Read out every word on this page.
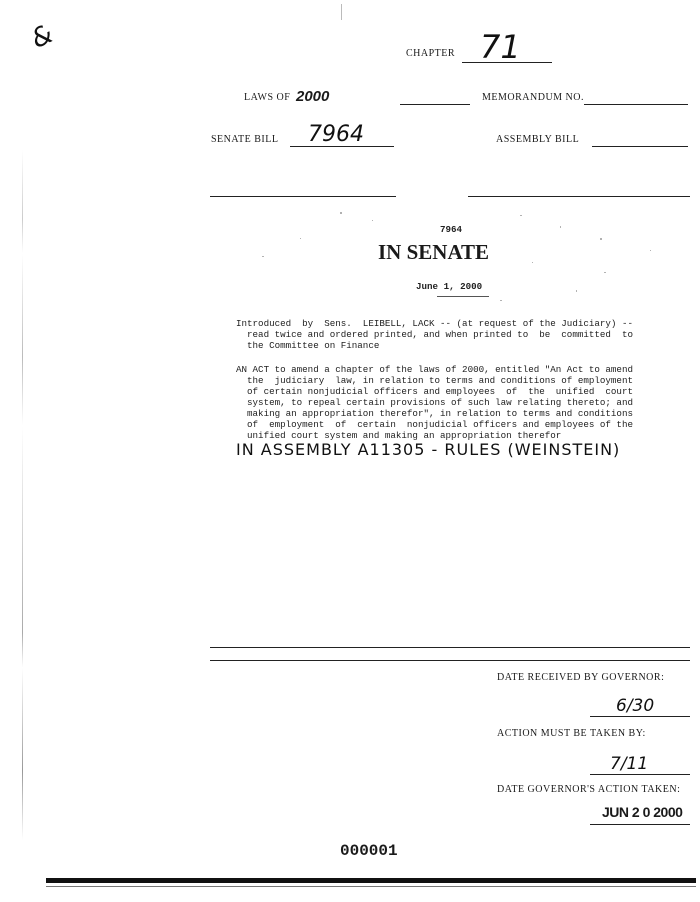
&	CHAPTER 71
LAWS OF 2000	MEMORANDUM NO.
SENATE BILL 7964	ASSEMBLY BILL
7964
IN SENATE
June 1, 2000
Introduced  by  Sens.  LEIBELL, LACK -- (at request of the Judiciary) --
read twice and ordered printed, and when printed to  be  committed  to
the Committee on Finance
AN ACT to amend a chapter of the laws of 2000, entitled "An Act to amend
the  judiciary  law, in relation to terms and conditions of employment
of certain nonjudicial officers and employees  of  the  unified  court
system, to repeal certain provisions of such law relating thereto; and
making an appropriation therefor", in relation to terms and conditions
of  employment  of  certain  nonjudicial officers and employees of the
unified court system and making an appropriation therefor
IN ASSEMBLY A11305 - RULES (WEINSTEIN)
DATE RECEIVED BY GOVERNOR:
6/30
ACTION MUST BE TAKEN BY:
7/11
DATE GOVERNOR'S ACTION TAKEN:
JUN 2 0 2000
000001
